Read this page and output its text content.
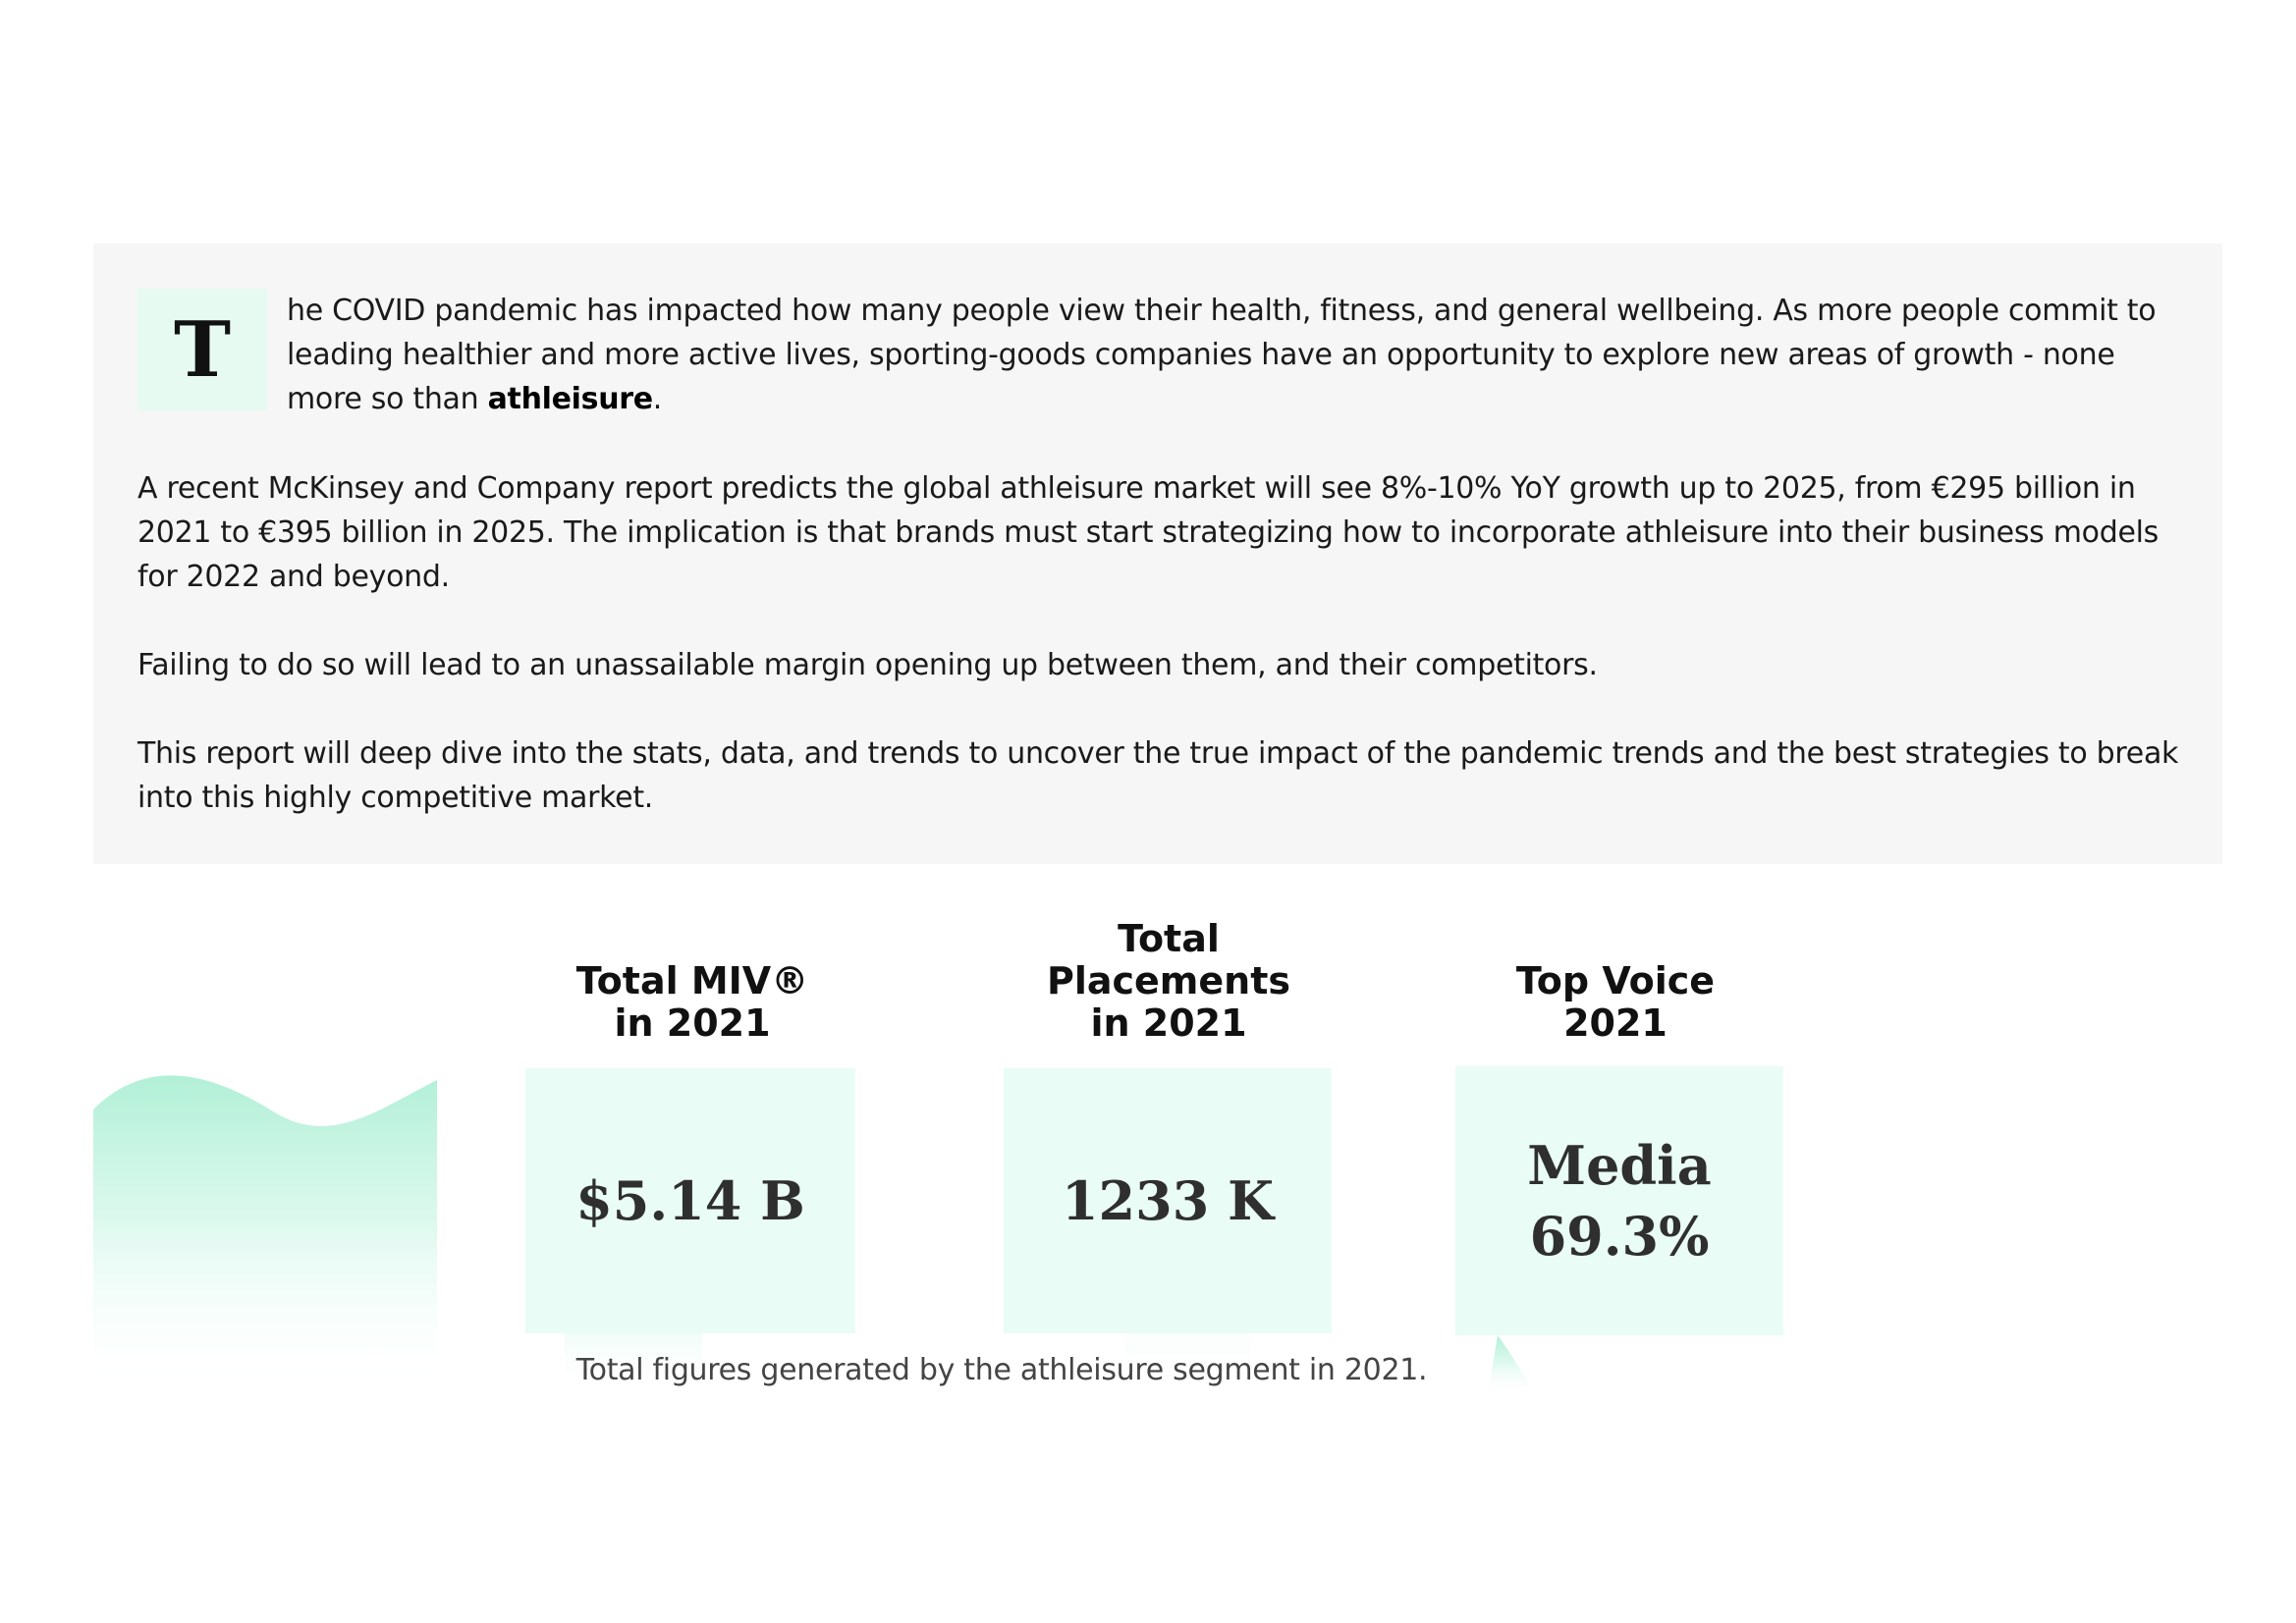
T	he COVID pandemic has impacted how many people view their health, fitness, and general wellbeing. As more people commit to leading healthier and more active lives, sporting-goods companies have an opportunity to explore new areas of growth - none more so than athleisure.

A recent McKinsey and Company report predicts the global athleisure market will see 8%-10% YoY growth up to 2025, from €295 billion in 2021 to €395 billion in 2025. The implication is that brands must start strategizing how to incorporate athleisure into their business models for 2022 and beyond.

Failing to do so will lead to an unassailable margin opening up between them, and their competitors.

This report will deep dive into the stats, data, and trends to uncover the true impact of the pandemic trends and the best strategies to break into this highly competitive market.

Total MIV®
in 2021
$5.14 B
Total
Placements
in 2021
1233 K
Top Voice
2021
Media
69.3%
Total figures generated by the athleisure segment in 2021.
